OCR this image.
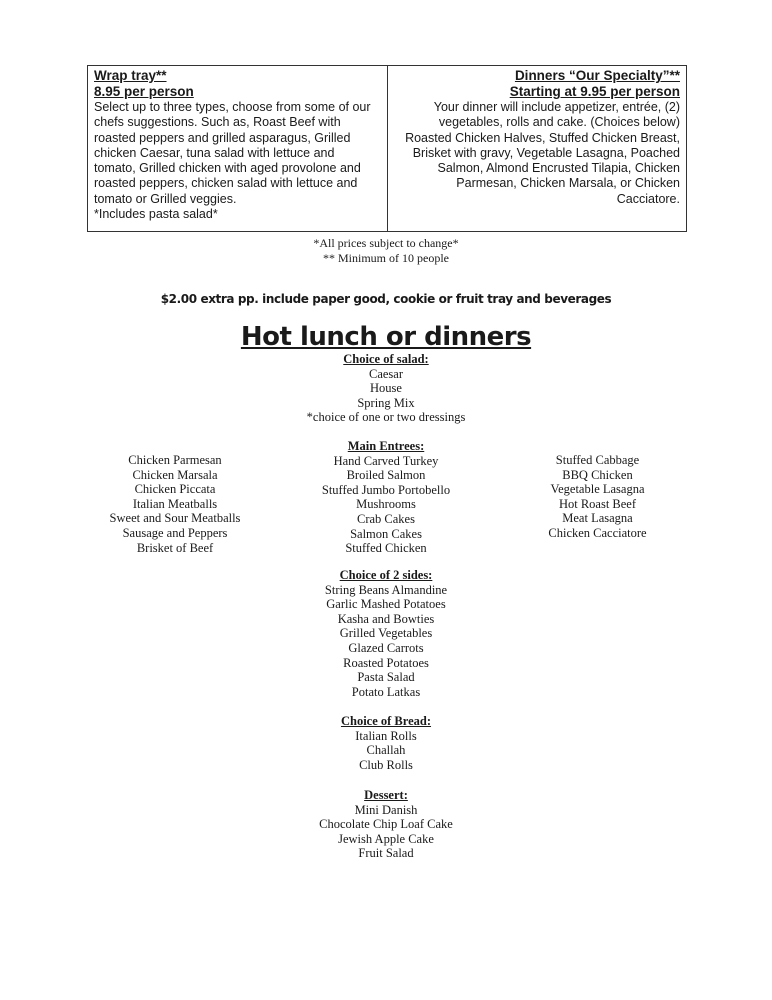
Wrap tray**
8.95 per person

Select up to three types, choose from some of our

chefs suggestions. Such as, Roast Beef with

roasted peppers and grilled asparagus, Grilled

chicken Caesar, tuna salad with lettuce and

tomato, Grilled chicken with aged provolone and

roasted peppers, chicken salad with lettuce and

tomato or Grilled veggies.

*Includes pasta salad*

Dinners “Our Specialty”**
Starting at 9.95 per person

Your dinner will include appetizer, entrée, (2)

vegetables, rolls and cake. (Choices below)

Roasted Chicken Halves, Stuffed Chicken Breast,

Brisket with gravy, Vegetable Lasagna, Poached

Salmon, Almond Encrusted Tilapia, Chicken

Parmesan, Chicken Marsala, or Chicken

Cacciatore.

*All prices subject to change*
** Minimum of 10 people
$2.00 extra pp. include paper good, cookie or fruit tray and beverages
Hot lunch or dinners
Choice of salad:
Caesar
House
Spring Mix
*choice of one or two dressings
Main Entrees:
Hand Carved Turkey
Broiled Salmon
Stuffed Jumbo Portobello
Mushrooms
Crab Cakes
Salmon Cakes
Stuffed Chicken
Chicken Parmesan
Chicken Marsala
Chicken Piccata
Italian Meatballs
Sweet and Sour Meatballs
Sausage and Peppers
Brisket of Beef
Stuffed Cabbage
BBQ Chicken
Vegetable Lasagna
Hot Roast Beef
Meat Lasagna
Chicken Cacciatore
Choice of 2 sides:
String Beans Almandine
Garlic Mashed Potatoes
Kasha and Bowties
Grilled Vegetables
Glazed Carrots
Roasted Potatoes
Pasta Salad
Potato Latkas
Choice of Bread:
Italian Rolls
Challah
Club Rolls
Dessert:
Mini Danish
Chocolate Chip Loaf Cake
Jewish Apple Cake
Fruit Salad
